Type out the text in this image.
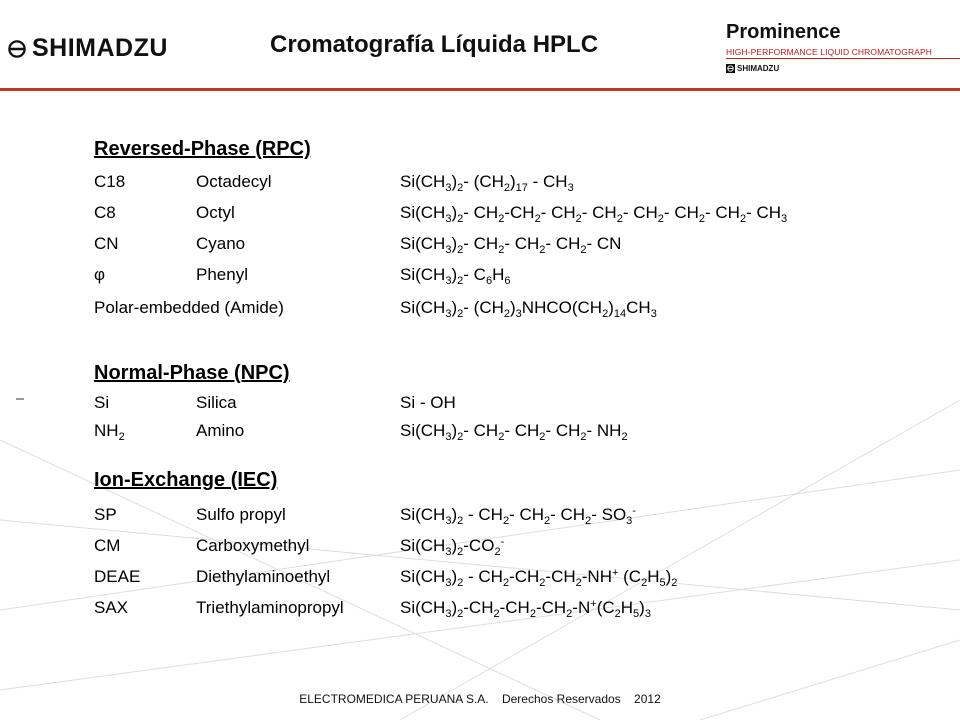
SHIMADZU	Cromatografía Líquida HPLC	Prominence
HIGH-PERFORMANCE LIQUID CHROMATOGRAPH
SHIMADZU
Reversed-Phase (RPC)
C18	Octadecyl	$Si(CH_3)_2-$ $(CH_2)_{17} - CH_3$
C8	Octyl	$Si(CH_3)_2-$ $CH_2-CH_2-$ $CH_2-$ $CH_2-$ $CH_2-$ $CH_2-$ $CH_2-$ $CH_3$
CN	Cyano	$Si(CH_3)_2-$ $CH_2-$ $CH_2-$ $CH_2-$ CN
φ	Phenyl	$Si(CH_3)_2-$ $C_6H_6$
Polar-embedded (Amide)	$Si(CH_3)_2-$ $(CH_2)_3NHCO(CH_2)_{14}CH_3$
Normal-Phase (NPC)
Si	Silica	Si - OH
$NH_2$	Amino	$Si(CH_3)_2-$ $CH_2-$ $CH_2-$ $CH_2-$ $NH_2$
Ion-Exchange (IEC)
SP	Sulfo propyl	$Si(CH_3)_2 - CH_2-$ $CH_2-$ $CH_2-$ $SO_3^-$
CM	Carboxymethyl	$Si(CH_3)_2-CO_2^-$
DEAE	Diethylaminoethyl	$Si(CH_3)_2 - CH_2-CH_2-CH_2-NH^+$ $(C_2H_5)_2$
SAX	Triethylaminopropyl	$Si(CH_3)_2-CH_2-CH_2-CH_2-N^+(C_2H_5)_3$
ELECTROMEDICA PERUANA S.A. Derechos Reservados 2012
